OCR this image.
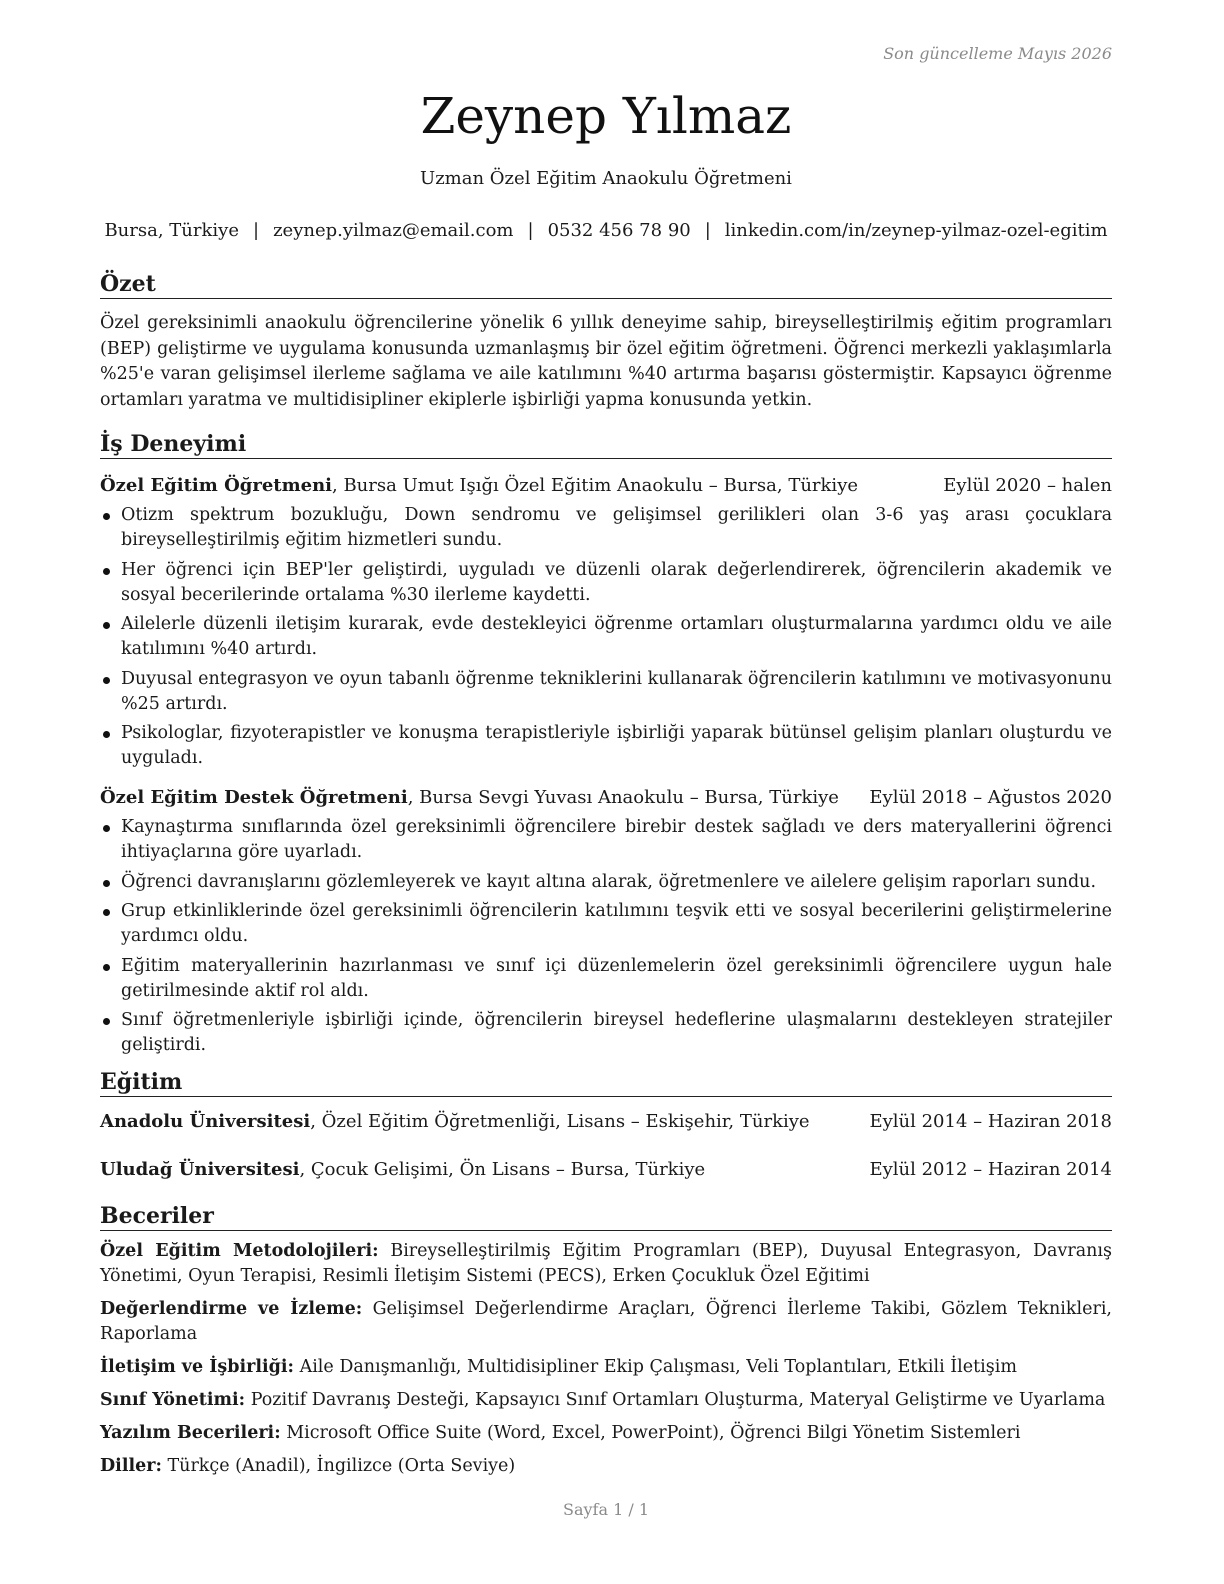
Son güncelleme Mayıs 2026
Zeynep Yılmaz
Uzman Özel Eğitim Anaokulu Öğretmeni
Bursa, Türkiye | zeynep.yilmaz@email.com | 0532 456 78 90 | linkedin.com/in/zeynep-yilmaz-ozel-egitim
Özet

Özel gereksinimli anaokulu öğrencilerine yönelik 6 yıllık deneyime sahip, bireyselleştirilmiş eğitim programları (BEP) geliştirme ve uygulama konusunda uzmanlaşmış bir özel eğitim öğretmeni. Öğrenci merkezli yaklaşımlarla %25'e varan gelişimsel ilerleme sağlama ve aile katılımını %40 artırma başarısı göstermiştir. Kapsayıcı öğrenme ortamları yaratma ve multidisipliner ekiplerle işbirliği yapma konusunda yetkin.

İş Deneyimi
Özel Eğitim Öğretmeni, Bursa Umut Işığı Özel Eğitim Anaokulu – Bursa, Türkiye	Eylül 2020 – halen
Otizm spektrum bozukluğu, Down sendromu ve gelişimsel gerilikleri olan 3-6 yaş arası çocuklara bireyselleştirilmiş eğitim hizmetleri sundu.
Her öğrenci için BEP'ler geliştirdi, uyguladı ve düzenli olarak değerlendirerek, öğrencilerin akademik ve sosyal becerilerinde ortalama %30 ilerleme kaydetti.
Ailelerle düzenli iletişim kurarak, evde destekleyici öğrenme ortamları oluşturmalarına yardımcı oldu ve aile katılımını %40 artırdı.
Duyusal entegrasyon ve oyun tabanlı öğrenme tekniklerini kullanarak öğrencilerin katılımını ve motivasyonunu %25 artırdı.
Psikologlar, fizyoterapistler ve konuşma terapistleriyle işbirliği yaparak bütünsel gelişim planları oluşturdu ve uyguladı.
Özel Eğitim Destek Öğretmeni, Bursa Sevgi Yuvası Anaokulu – Bursa, Türkiye Eylül 2018 – Ağustos 2020
Kaynaştırma sınıflarında özel gereksinimli öğrencilere birebir destek sağladı ve ders materyallerini öğrenci ihtiyaçlarına göre uyarladı.
Öğrenci davranışlarını gözlemleyerek ve kayıt altına alarak, öğretmenlere ve ailelere gelişim raporları sundu.
Grup etkinliklerinde özel gereksinimli öğrencilerin katılımını teşvik etti ve sosyal becerilerini geliştirmelerine yardımcı oldu.
Eğitim materyallerinin hazırlanması ve sınıf içi düzenlemelerin özel gereksinimli öğrencilere uygun hale getirilmesinde aktif rol aldı.
Sınıf öğretmenleriyle işbirliği içinde, öğrencilerin bireysel hedeflerine ulaşmalarını destekleyen stratejiler geliştirdi.
Eğitim
Anadolu Üniversitesi, Özel Eğitim Öğretmenliği, Lisans – Eskişehir, Türkiye	Eylül 2014 – Haziran 2018
Uludağ Üniversitesi, Çocuk Gelişimi, Ön Lisans – Bursa, Türkiye	Eylül 2012 – Haziran 2014
Beceriler
Özel Eğitim Metodolojileri: Bireyselleştirilmiş Eğitim Programları (BEP), Duyusal Entegrasyon, Davranış Yönetimi, Oyun Terapisi, Resimli İletişim Sistemi (PECS), Erken Çocukluk Özel Eğitimi
Değerlendirme ve İzleme: Gelişimsel Değerlendirme Araçları, Öğrenci İlerleme Takibi, Gözlem Teknikleri, Raporlama
İletişim ve İşbirliği: Aile Danışmanlığı, Multidisipliner Ekip Çalışması, Veli Toplantıları, Etkili İletişim
Sınıf Yönetimi: Pozitif Davranış Desteği, Kapsayıcı Sınıf Ortamları Oluşturma, Materyal Geliştirme ve Uyarlama
Yazılım Becerileri: Microsoft Office Suite (Word, Excel, PowerPoint), Öğrenci Bilgi Yönetim Sistemleri
Diller: Türkçe (Anadil), İngilizce (Orta Seviye)
Sayfa 1 / 1
